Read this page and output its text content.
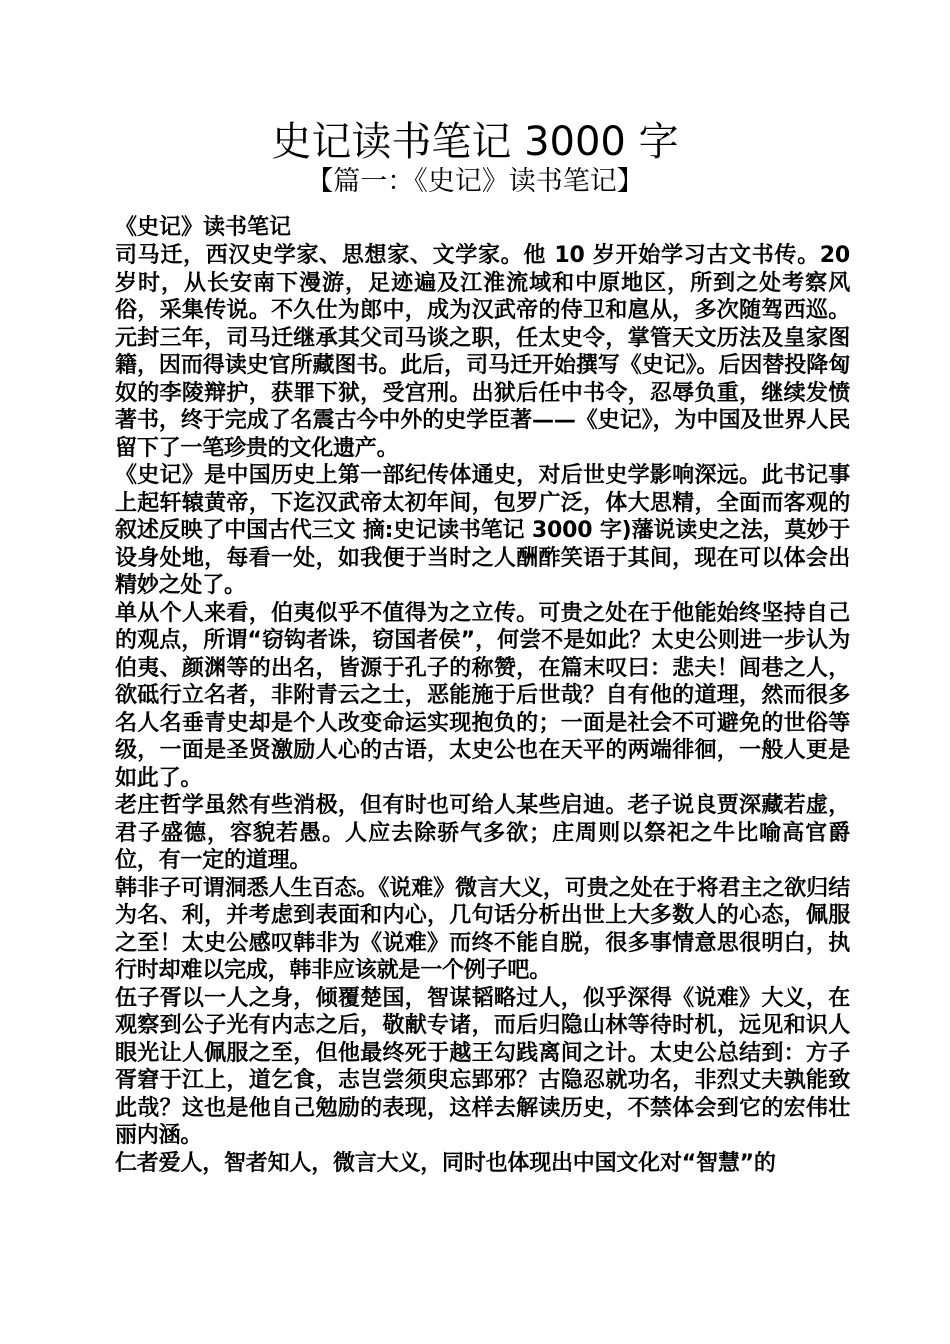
史记读书笔记 3000 字
【篇一：《史记》读书笔记】

《史记》读书笔记

司马迁，西汉史学家、思想家、文学家。他 10 岁开始学习古文书传。20 岁时，从长安南下漫游，足迹遍及江淮流域和中原地区，所到之处考察风俗，采集传说。不久仕为郎中，成为汉武帝的侍卫和扈从，多次随驾西巡。元封三年，司马迁继承其父司马谈之职，任太史令，掌管天文历法及皇家图籍，因而得读史官所藏图书。此后，司马迁开始撰写《史记》。后因替投降匈奴的李陵辩护，获罪下狱，受宫刑。出狱后任中书令，忍辱负重，继续发愤著书，终于完成了名震古今中外的史学臣著——《史记》，为中国及世界人民留下了一笔珍贵的文化遗产。

《史记》是中国历史上第一部纪传体通史，对后世史学影响深远。此书记事上起轩辕黄帝，下迄汉武帝太初年间，包罗广泛，体大思精，全面而客观的叙述反映了中国古代三文 摘:史记读书笔记 3000 字)藩说读史之法，莫妙于设身处地，每看一处，如我便于当时之人酬酢笑语于其间，现在可以体会出精妙之处了。

单从个人来看，伯夷似乎不值得为之立传。可贵之处在于他能始终坚持自己的观点，所谓“窃钩者诛，窃国者侯”，何尝不是如此？太史公则进一步认为伯夷、颜渊等的出名，皆源于孔子的称赞，在篇末叹曰：悲夫！闾巷之人，欲砥行立名者，非附青云之士，恶能施于后世哉？自有他的道理，然而很多名人名垂青史却是个人改变命运实现抱负的；一面是社会不可避免的世俗等级，一面是圣贤激励人心的古语，太史公也在天平的两端徘徊，一般人更是如此了。

老庄哲学虽然有些消极，但有时也可给人某些启迪。老子说良贾深藏若虚，君子盛德，容貌若愚。人应去除骄气多欲；庄周则以祭祀之牛比喻高官爵位，有一定的道理。

韩非子可谓洞悉人生百态。《说难》微言大义，可贵之处在于将君主之欲归结为名、利，并考虑到表面和内心，几句话分析出世上大多数人的心态，佩服之至！太史公感叹韩非为《说难》而终不能自脱，很多事情意思很明白，执行时却难以完成，韩非应该就是一个例子吧。

伍子胥以一人之身，倾覆楚国，智谋韬略过人，似乎深得《说难》大义，在观察到公子光有内志之后，敬献专诸，而后归隐山林等待时机，远见和识人眼光让人佩服之至，但他最终死于越王勾践离间之计。太史公总结到：方子胥窘于江上，道乞食，志岂尝须臾忘郢邪？古隐忍就功名，非烈丈夫孰能致此哉？这也是他自己勉励的表现，这样去解读历史，不禁体会到它的宏伟壮丽内涵。

仁者爱人，智者知人，微言大义，同时也体现出中国文化对“智慧”的
